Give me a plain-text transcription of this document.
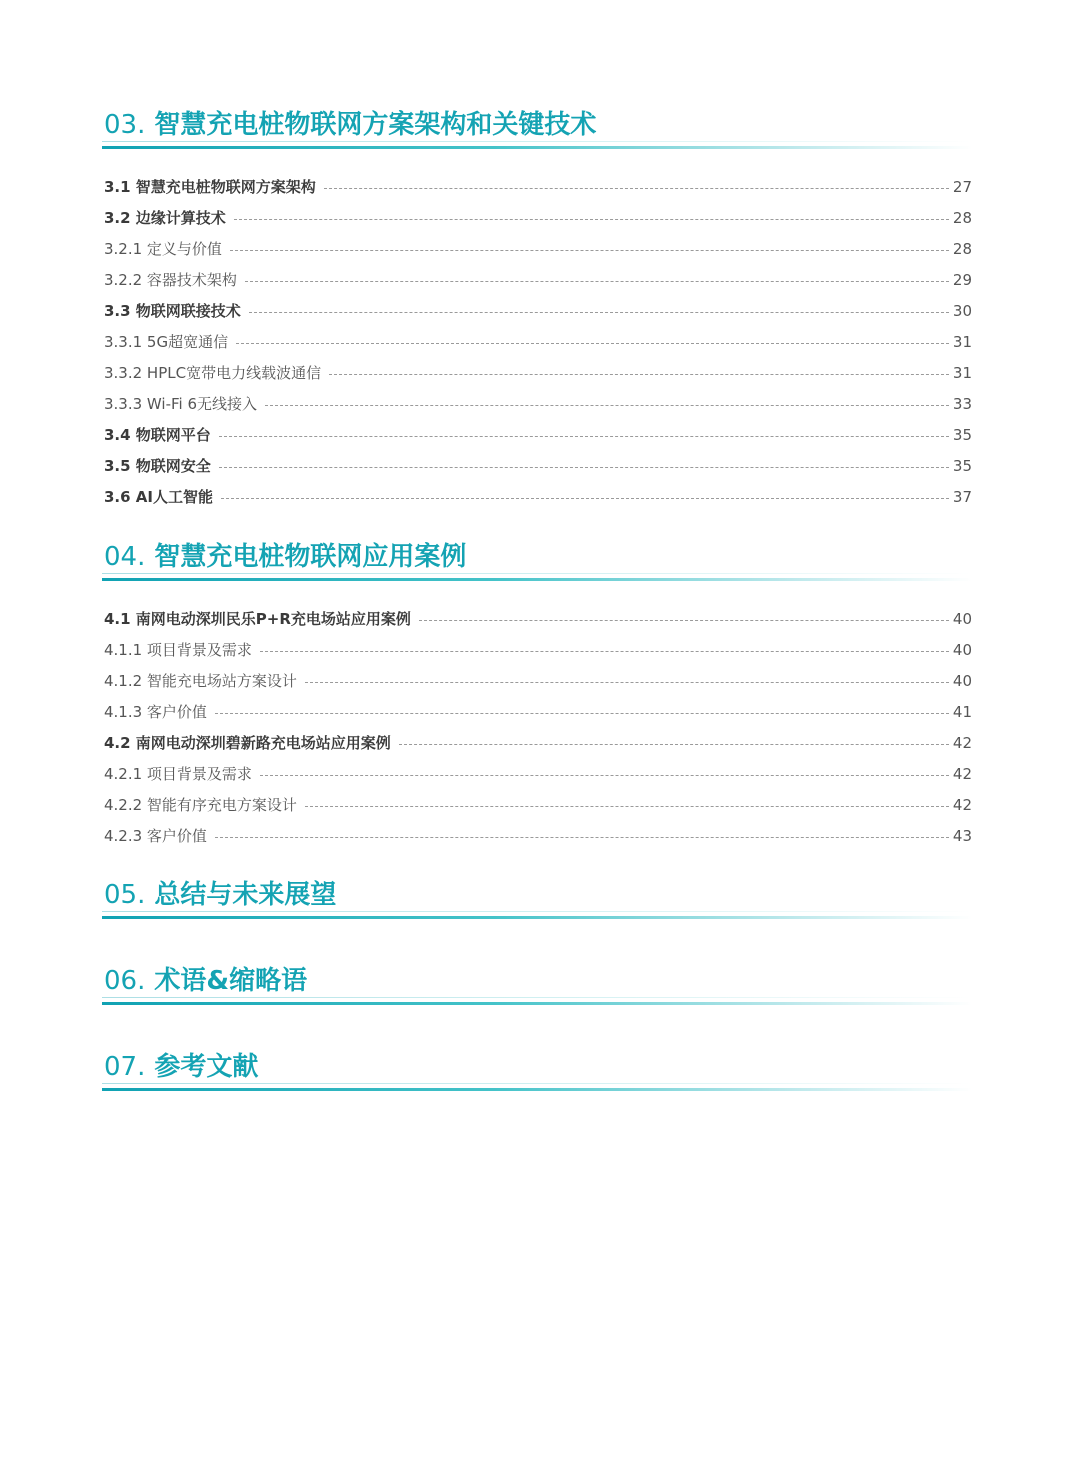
03. 智慧充电桩物联网方案架构和关键技术
3.1 智慧充电桩物联网方案架构	27
3.2 边缘计算技术	28
3.2.1 定义与价值	28
3.2.2 容器技术架构	29
3.3 物联网联接技术	30
3.3.1 5G超宽通信	31
3.3.2 HPLC宽带电力线载波通信	31
3.3.3 Wi-Fi 6无线接入	33
3.4 物联网平台	35
3.5 物联网安全	35
3.6 AI人工智能	37
04. 智慧充电桩物联网应用案例
4.1 南网电动深圳民乐P+R充电场站应用案例	40
4.1.1 项目背景及需求	40
4.1.2 智能充电场站方案设计	40
4.1.3 客户价值	41
4.2 南网电动深圳碧新路充电场站应用案例	42
4.2.1 项目背景及需求	42
4.2.2 智能有序充电方案设计	42
4.2.3 客户价值	43
05. 总结与未来展望
06. 术语&缩略语
07. 参考文献
